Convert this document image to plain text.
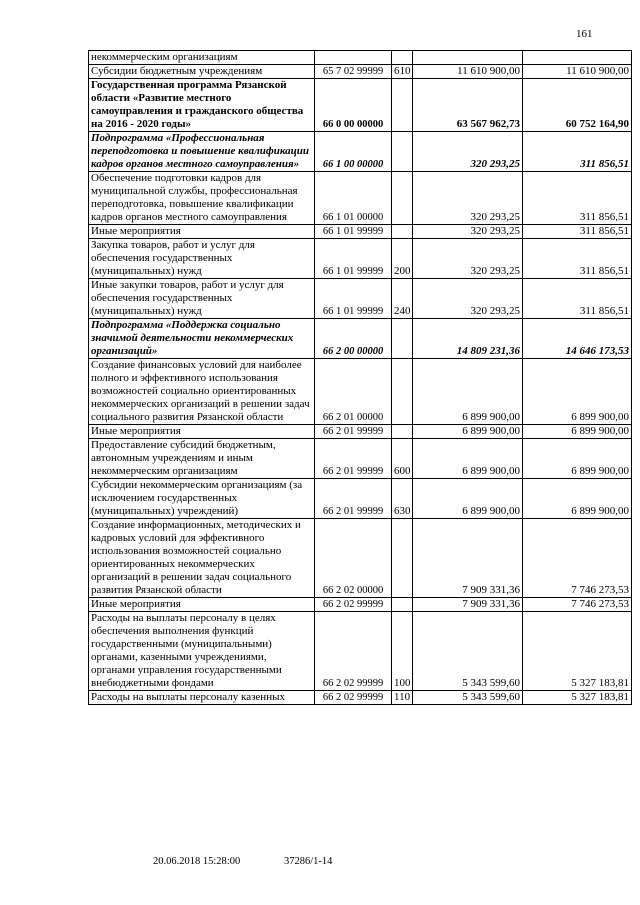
161
некоммерческим организациям				
Субсидии бюджетным учреждениям	65 7 02 99999	610	11 610 900,00	11 610 900,00
Государственная программа Рязанской области «Развитие местного самоуправления и гражданского общества на 2016 - 2020 годы»	66 0 00 00000		63 567 962,73	60 752 164,90
Подпрограмма «Профессиональная переподготовка и повышение квалификации кадров органов местного самоуправления»	66 1 00 00000		320 293,25	311 856,51
Обеспечение подготовки кадров для муниципальной службы, профессиональная переподготовка, повышение квалификации кадров органов местного самоуправления	66 1 01 00000		320 293,25	311 856,51
Иные мероприятия	66 1 01 99999		320 293,25	311 856,51
Закупка товаров, работ и услуг для обеспечения государственных (муниципальных) нужд	66 1 01 99999	200	320 293,25	311 856,51
Иные закупки товаров, работ и услуг для обеспечения государственных (муниципальных) нужд	66 1 01 99999	240	320 293,25	311 856,51
Подпрограмма «Поддержка социально значимой деятельности некоммерческих организаций»	66 2 00 00000		14 809 231,36	14 646 173,53
Создание финансовых условий для наиболее полного и эффективного использования возможностей социально ориентированных некоммерческих организаций в решении задач социального развития Рязанской области	66 2 01 00000		6 899 900,00	6 899 900,00
Иные мероприятия	66 2 01 99999		6 899 900,00	6 899 900,00
Предоставление субсидий бюджетным, автономным учреждениям и иным некоммерческим организациям	66 2 01 99999	600	6 899 900,00	6 899 900,00
Субсидии некоммерческим организациям (за исключением государственных (муниципальных) учреждений)	66 2 01 99999	630	6 899 900,00	6 899 900,00
Создание информационных, методических и кадровых условий для эффективного использования возможностей социально ориентированных некоммерческих организаций в решении задач социального развития Рязанской области	66 2 02 00000		7 909 331,36	7 746 273,53
Иные мероприятия	66 2 02 99999		7 909 331,36	7 746 273,53
Расходы на выплаты персоналу в целях обеспечения выполнения функций государственными (муниципальными) органами, казенными учреждениями, органами управления государственными внебюджетными фондами	66 2 02 99999	100	5 343 599,60	5 327 183,81
Расходы на выплаты персоналу казенных	66 2 02 99999	110	5 343 599,60	5 327 183,81
20.06.2018 15:28:00	37286/1-14
